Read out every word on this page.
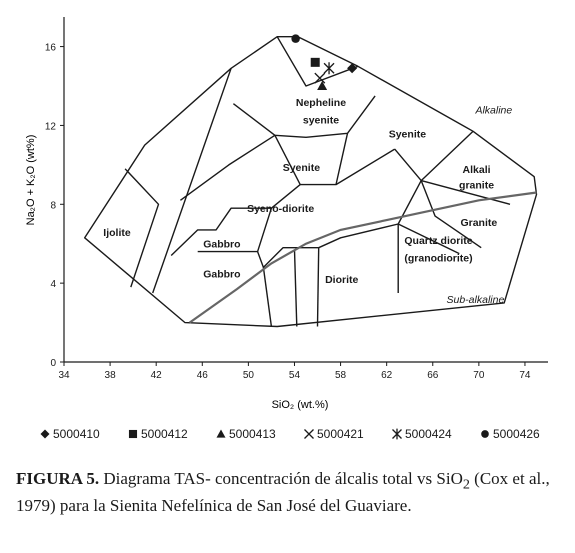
34	38	42	46	50	54	58	62	66	70	74
0
4
8
12
16
Nepheline
syenite
Alkaline
Syenite
Syenite	Alkali
granite
Syeno-diorite
Ijolite
Gabbro
Granite
Quartz diorite
(granodiorite)
Gabbro	Diorite
Sub-alkaline
5000410	5000412	5000413	5000421	5000424	5000426
SiO₂ (wt.%)
Na₂O + K₂O (wt%)
FIGURA 5. Diagrama TAS- concentración de álcalis total vs SiO$_2$ (Cox et al., 1979) para la Sienita Nefelínica de San José del Guaviare.
